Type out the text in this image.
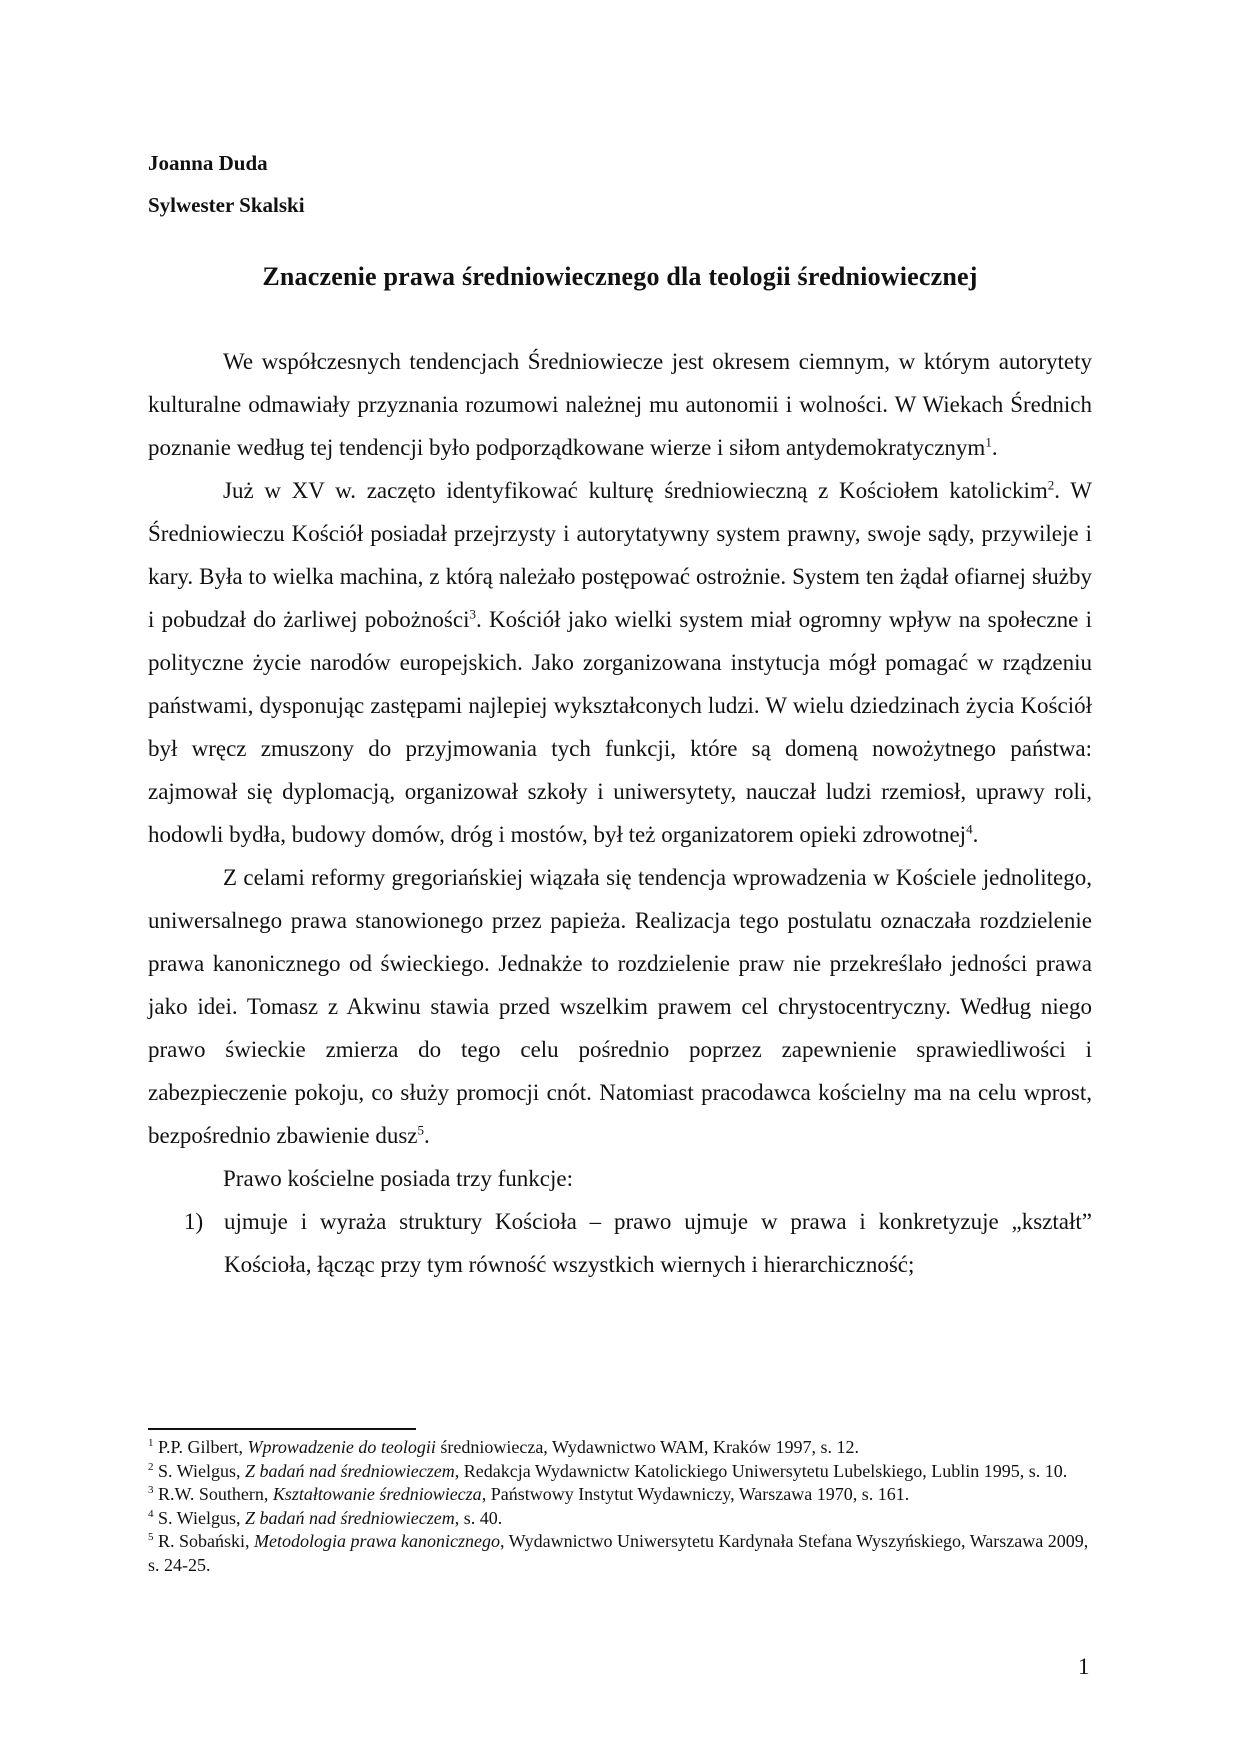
Joanna Duda

Sylwester Skalski

Znaczenie prawa średniowiecznego dla teologii średniowiecznej

We współczesnych tendencjach Średniowiecze jest okresem ciemnym, w którym autorytety kulturalne odmawiały przyznania rozumowi należnej mu autonomii i wolności. W Wiekach Średnich poznanie według tej tendencji było podporządkowane wierze i siłom antydemokratycznym$^1$.

Już w XV w. zaczęto identyfikować kulturę średniowieczną z Kościołem katolickim$^2$. W Średniowieczu Kościół posiadał przejrzysty i autorytatywny system prawny, swoje sądy, przywileje i kary. Była to wielka machina, z którą należało postępować ostrożnie. System ten żądał ofiarnej służby i pobudzał do żarliwej pobożności$^3$. Kościół jako wielki system miał ogromny wpływ na społeczne i polityczne życie narodów europejskich. Jako zorganizowana instytucja mógł pomagać w rządzeniu państwami, dysponując zastępami najlepiej wykształconych ludzi. W wielu dziedzinach życia Kościół był wręcz zmuszony do przyjmowania tych funkcji, które są domeną nowożytnego państwa: zajmował się dyplomacją, organizował szkoły i uniwersytety, nauczał ludzi rzemiosł, uprawy roli, hodowli bydła, budowy domów, dróg i mostów, był też organizatorem opieki zdrowotnej$^4$.

Z celami reformy gregoriańskiej wiązała się tendencja wprowadzenia w Kościele jednolitego, uniwersalnego prawa stanowionego przez papieża. Realizacja tego postulatu oznaczała rozdzielenie prawa kanonicznego od świeckiego. Jednakże to rozdzielenie praw nie przekreślało jedności prawa jako idei. Tomasz z Akwinu stawia przed wszelkim prawem cel chrystocentryczny. Według niego prawo świeckie zmierza do tego celu pośrednio poprzez zapewnienie sprawiedliwości i zabezpieczenie pokoju, co służy promocji cnót. Natomiast pracodawca kościelny ma na celu wprost, bezpośrednio zbawienie dusz$^5$.

Prawo kościelne posiada trzy funkcje:

1) ujmuje i wyraża struktury Kościoła – prawo ujmuje w prawa i konkretyzuje „kształt” Kościoła, łącząc przy tym równość wszystkich wiernych i hierarchiczność;

$^1$ P.P. Gilbert, Wprowadzenie do teologii średniowiecza, Wydawnictwo WAM, Kraków 1997, s. 12.

$^2$ S. Wielgus, Z badań nad średniowieczem, Redakcja Wydawnictw Katolickiego Uniwersytetu Lubelskiego, Lublin 1995, s. 10.

$^3$ R.W. Southern, Kształtowanie średniowiecza, Państwowy Instytut Wydawniczy, Warszawa 1970, s. 161.

$^4$ S. Wielgus, Z badań nad średniowieczem, s. 40.

$^5$ R. Sobański, Metodologia prawa kanonicznego, Wydawnictwo Uniwersytetu Kardynała Stefana Wyszyńskiego, Warszawa 2009, s. 24-25.

1
